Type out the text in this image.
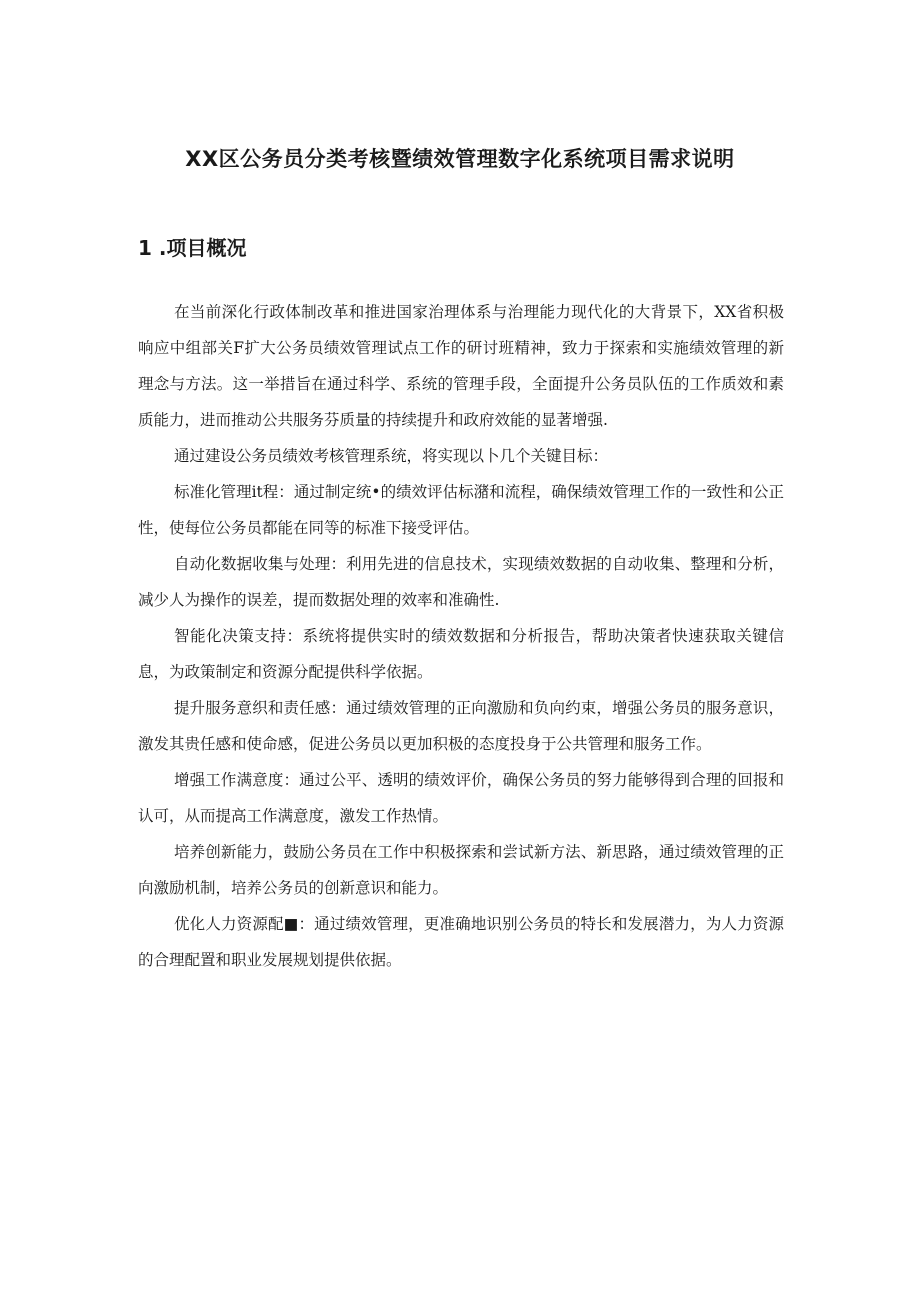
XX区公务员分类考核暨绩效管理数字化系统项目需求说明
1 .项目概况

在当前深化行政体制改革和推进国家治理体系与治理能力现代化的大背景下，XX省积极响应中组部关F扩大公务员绩效管理试点工作的研讨班精神，致力于探索和实施绩效管理的新理念与方法。这一举措旨在通过科学、系统的管理手段，全面提升公务员队伍的工作质效和素质能力，进而推动公共服务芬质量的持续提升和政府效能的显著增强.

通过建设公务员绩效考核管理系统，将实现以卜几个关键目标：

标准化管理it程：通过制定统•的绩效评估标潴和流程，确保绩效管理工作的一致性和公正性，使每位公务员都能在同等的标准下接受评估。

自动化数据收集与处理：利用先进的信息技术，实现绩效数据的自动收集、整理和分析，减少人为操作的误差，提而数据处理的效率和准确性.

智能化决策支持：系统将提供实时的绩效数据和分析报告，帮助决策者快速获取关键信息，为政策制定和资源分配提供科学依据。

提升服务意织和责任感：通过绩效管理的正向激励和负向约束，增强公务员的服务意识，激发其贵任感和使命感，促进公务员以更加积极的态度投身于公共管理和服务工作。

增强工作满意度：通过公平、透明的绩效评价，确保公务员的努力能够得到合理的回报和认可，从而提高工作满意度，激发工作热情。

培养创新能力，鼓励公务员在工作中积极探索和尝试新方法、新思路，通过绩效管理的正向激励机制，培养公务员的创新意识和能力。

优化人力资源配■：通过绩效管理，更准确地识别公务员的特长和发展潜力，为人力资源的合理配置和职业发展规划提供依据。
